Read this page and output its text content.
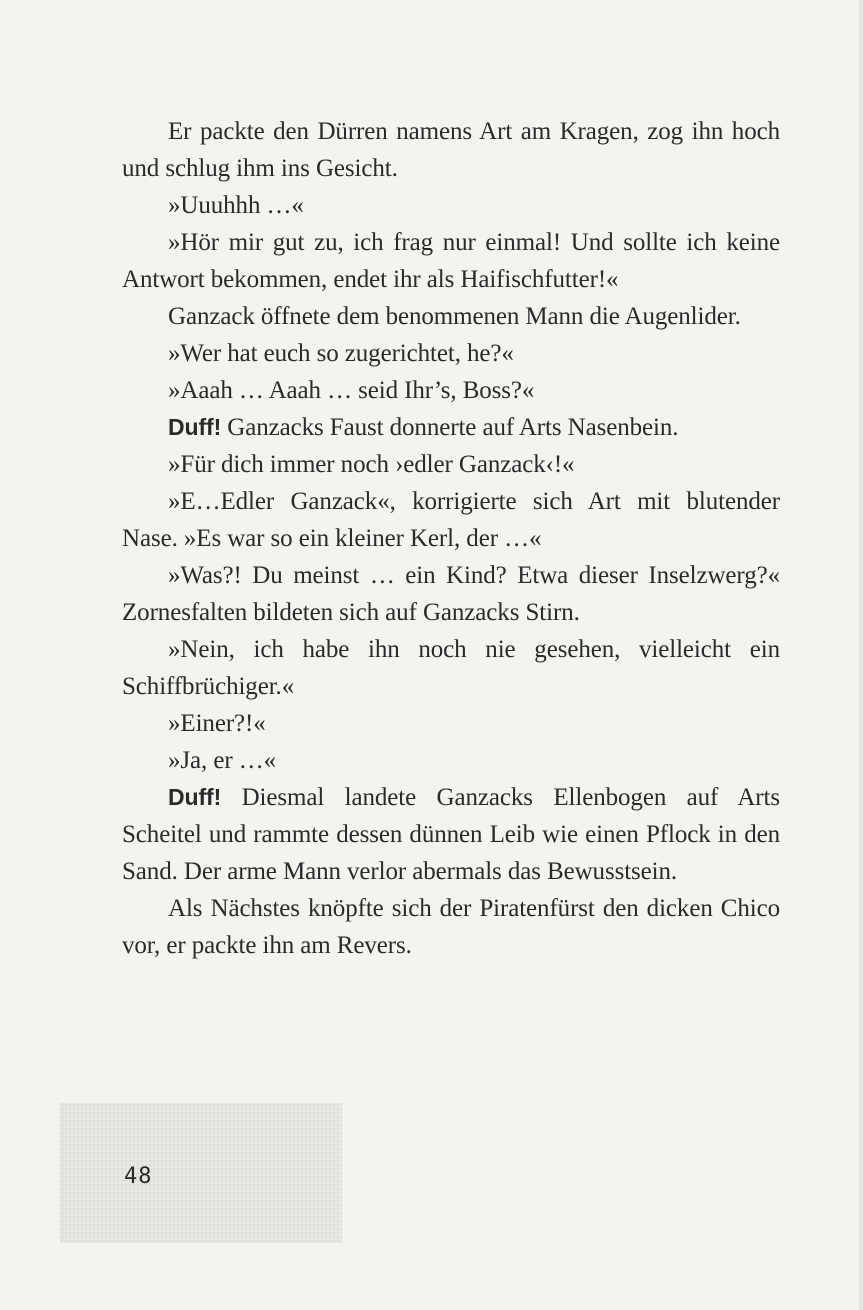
Er packte den Dürren namens Art am Kragen, zog ihn hoch und schlug ihm ins Gesicht.

»Uuuhhh …«

»Hör mir gut zu, ich frag nur einmal! Und sollte ich keine Antwort bekommen, endet ihr als Haifischfutter!«

Ganzack öffnete dem benommenen Mann die Augenlider.

»Wer hat euch so zugerichtet, he?«

»Aaah … Aaah … seid Ihr’s, Boss?«

Duff! Ganzacks Faust donnerte auf Arts Nasenbein.

»Für dich immer noch ›edler Ganzack‹!«

»E…Edler Ganzack«, korrigierte sich Art mit blutender Nase. »Es war so ein kleiner Kerl, der …«

»Was?! Du meinst … ein Kind? Etwa dieser Inselzwerg?« Zornesfalten bildeten sich auf Ganzacks Stirn.

»Nein, ich habe ihn noch nie gesehen, vielleicht ein Schiffbrüchiger.«

»Einer?!«

»Ja, er …«

Duff! Diesmal landete Ganzacks Ellenbogen auf Arts Scheitel und rammte dessen dünnen Leib wie einen Pflock in den Sand. Der arme Mann verlor abermals das Bewusstsein.

Als Nächstes knöpfte sich der Piratenfürst den dicken Chico vor, er packte ihn am Revers.

48
